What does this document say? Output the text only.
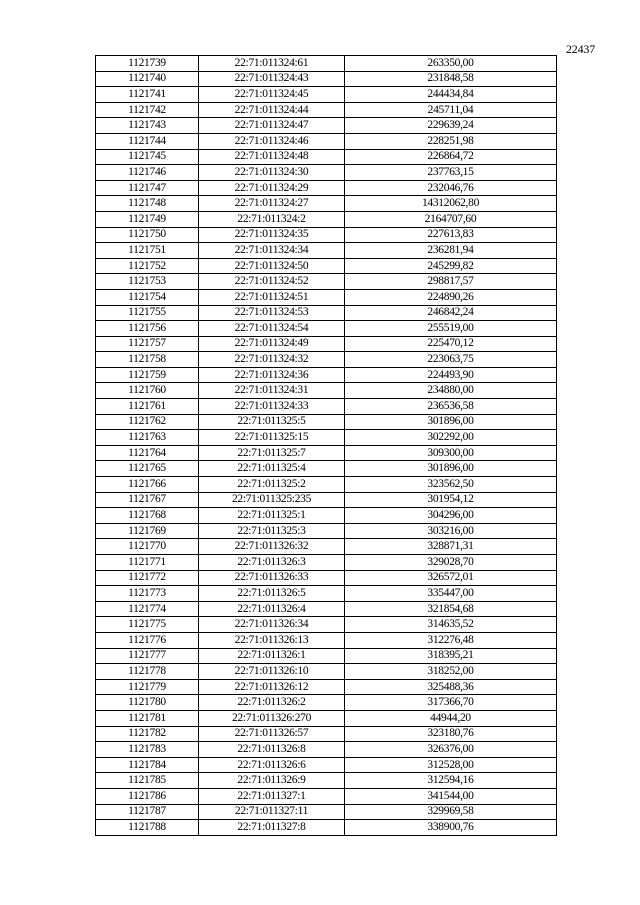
22437
1121739	22:71:011324:61	263350,00
1121740	22:71:011324:43	231848,58
1121741	22:71:011324:45	244434,84
1121742	22:71:011324:44	245711,04
1121743	22:71:011324:47	229639,24
1121744	22:71:011324:46	228251,98
1121745	22:71:011324:48	226864,72
1121746	22:71:011324:30	237763,15
1121747	22:71:011324:29	232046,76
1121748	22:71:011324:27	14312062,80
1121749	22:71:011324:2	2164707,60
1121750	22:71:011324:35	227613,83
1121751	22:71:011324:34	236281,94
1121752	22:71:011324:50	245299,82
1121753	22:71:011324:52	298817,57
1121754	22:71:011324:51	224890,26
1121755	22:71:011324:53	246842,24
1121756	22:71:011324:54	255519,00
1121757	22:71:011324:49	225470,12
1121758	22:71:011324:32	223063,75
1121759	22:71:011324:36	224493,90
1121760	22:71:011324:31	234880,00
1121761	22:71:011324:33	236536,58
1121762	22:71:011325:5	301896,00
1121763	22:71:011325:15	302292,00
1121764	22:71:011325:7	309300,00
1121765	22:71:011325:4	301896,00
1121766	22:71:011325:2	323562,50
1121767	22:71:011325:235	301954,12
1121768	22:71:011325:1	304296,00
1121769	22:71:011325:3	303216,00
1121770	22:71:011326:32	328871,31
1121771	22:71:011326:3	329028,70
1121772	22:71:011326:33	326572,01
1121773	22:71:011326:5	335447,00
1121774	22:71:011326:4	321854,68
1121775	22:71:011326:34	314635,52
1121776	22:71:011326:13	312276,48
1121777	22:71:011326:1	318395,21
1121778	22:71:011326:10	318252,00
1121779	22:71:011326:12	325488,36
1121780	22:71:011326:2	317366,70
1121781	22:71:011326:270	44944,20
1121782	22:71:011326:57	323180,76
1121783	22:71:011326:8	326376,00
1121784	22:71:011326:6	312528,00
1121785	22:71:011326:9	312594,16
1121786	22:71:011327:1	341544,00
1121787	22:71:011327:11	329969,58
1121788	22:71:011327:8	338900,76
